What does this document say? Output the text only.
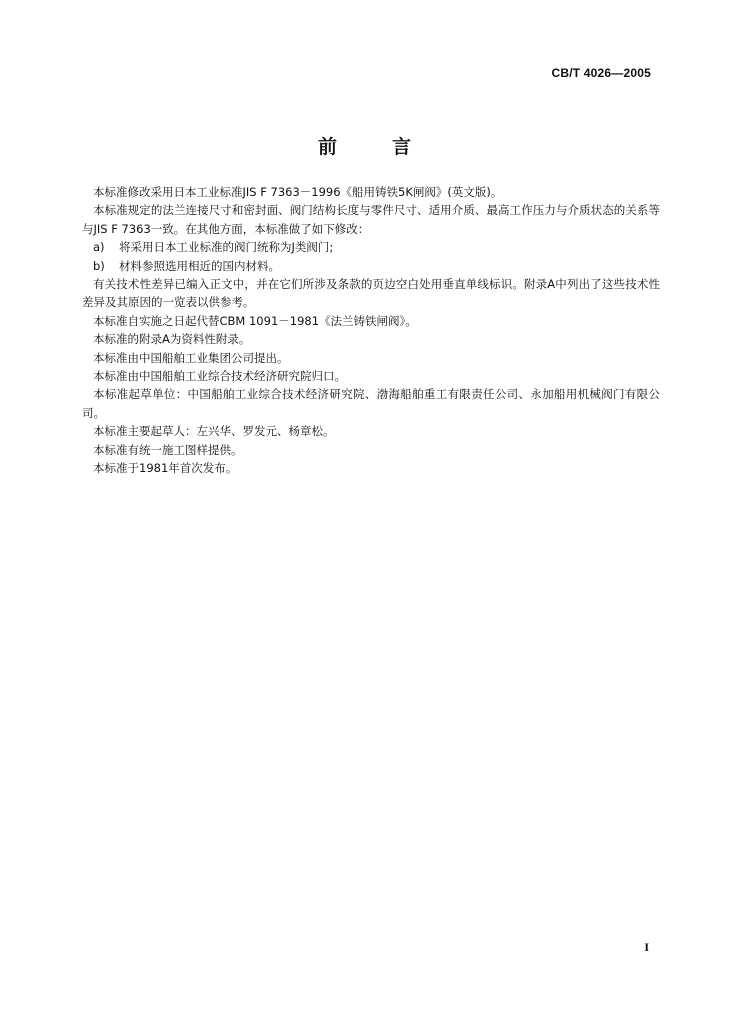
CB/T 4026—2005
前　言

本标准修改采用日本工业标准JIS F 7363－1996《船用铸铁5K闸阀》(英文版)。

本标准规定的法兰连接尺寸和密封面、阀门结构长度与零件尺寸、适用介质、最高工作压力与介质状态的关系等与JIS F 7363一致。在其他方面，本标准做了如下修改：

a) 将采用日本工业标准的阀门统称为J类阀门;

b) 材料参照选用相近的国内材料。

有关技术性差异已编入正文中，并在它们所涉及条款的页边空白处用垂直单线标识。附录A中列出了这些技术性差异及其原因的一览表以供参考。

本标准自实施之日起代替CBM 1091－1981《法兰铸铁闸阀》。

本标准的附录A为资料性附录。

本标准由中国船舶工业集团公司提出。

本标准由中国船舶工业综合技术经济研究院归口。

本标准起草单位：中国船舶工业综合技术经济研究院、渤海船舶重工有限责任公司、永加船用机械阀门有限公司。

本标准主要起草人：左兴华、罗发元、杨章松。

本标准有统一施工图样提供。

本标准于1981年首次发布。

I
